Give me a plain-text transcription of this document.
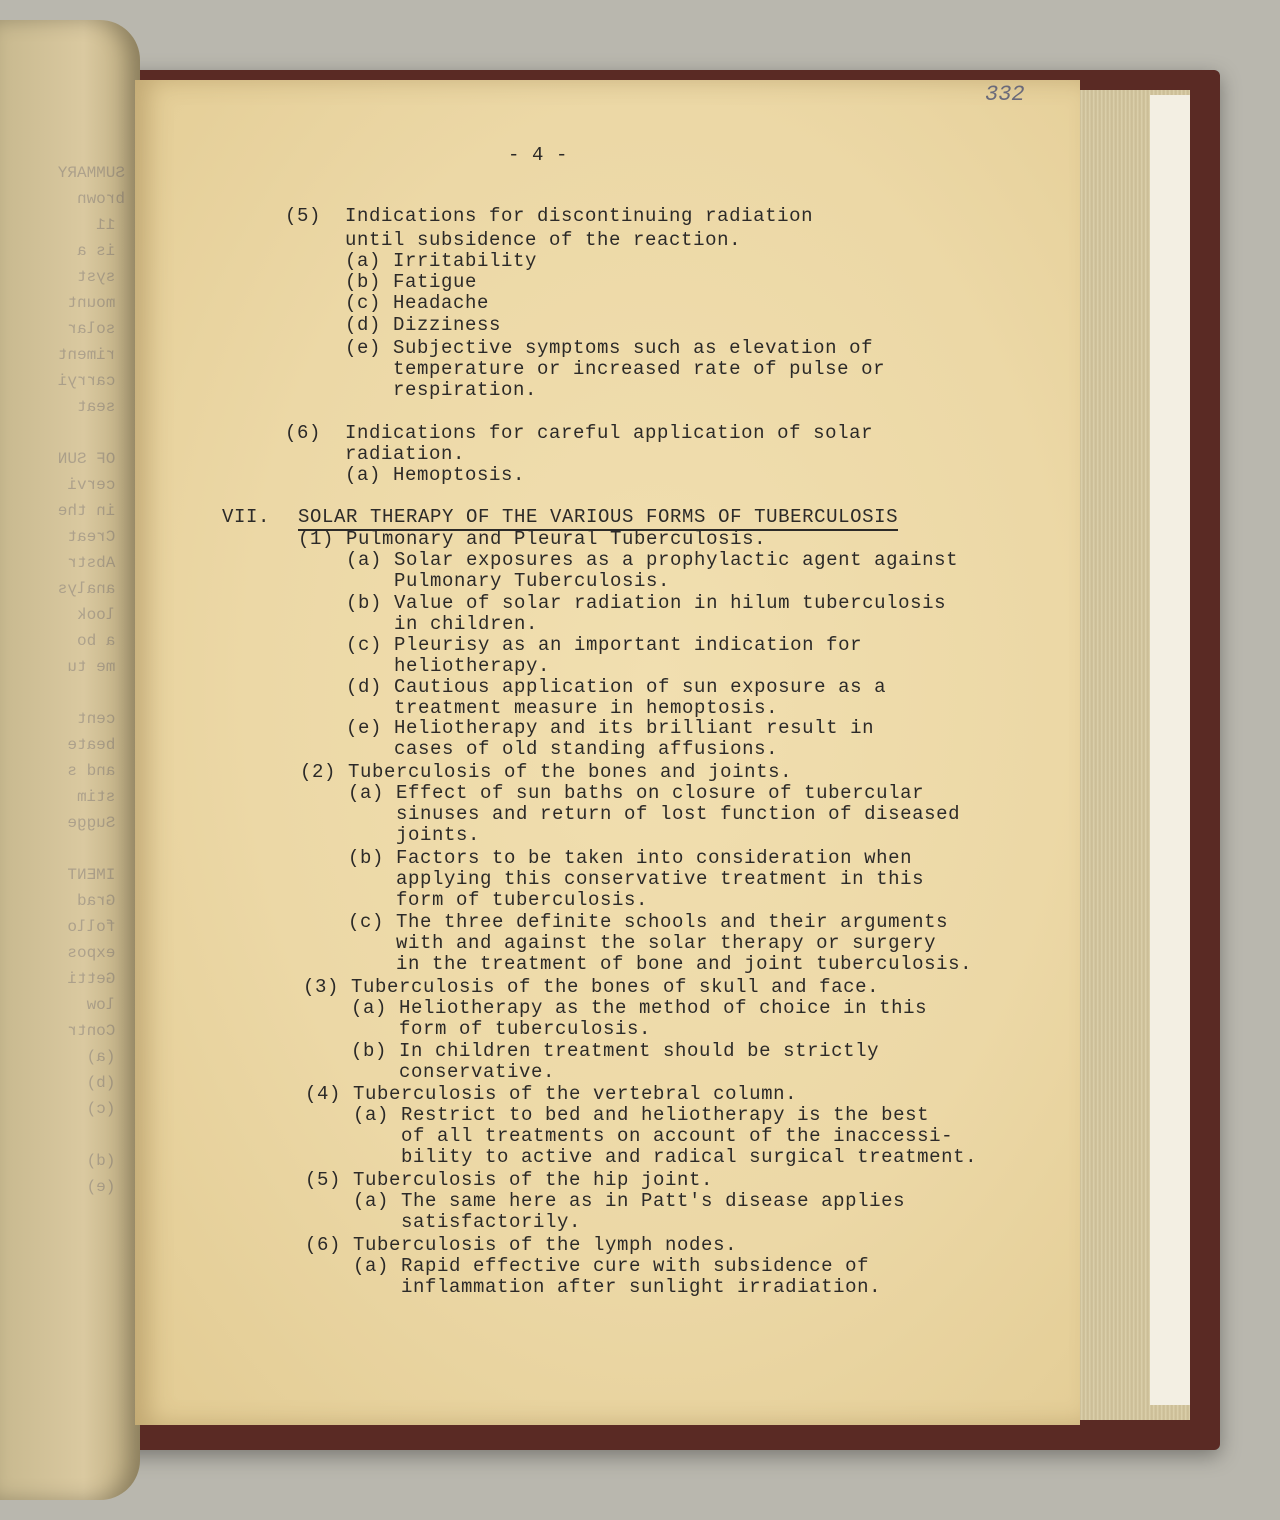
SUMMARY
brown
11
is a
syst
mount
solar
riment
carryi
seat

OF SUN
cervi
in the
Creat
Abstr
analys
look
a bo
me tu

cent
beate
and s
stim
Sugge

IMENT
Grad
follo
expos
Getti
low
Contr
(a)
(b)
(c)

(d)
(e)
332
- 4 -
(5)  Indications for discontinuing radiation
until subsidence of the reaction.
(a) Irritability
(b) Fatigue
(c) Headache
(d) Dizziness
(e) Subjective symptoms such as elevation of
temperature or increased rate of pulse or
respiration.
(6)  Indications for careful application of solar
radiation.
(a) Hemoptosis.
VII. SOLAR THERAPY OF THE VARIOUS FORMS OF TUBERCULOSIS
(1) Pulmonary and Pleural Tuberculosis.
(a) Solar exposures as a prophylactic agent against
Pulmonary Tuberculosis.
(b) Value of solar radiation in hilum tuberculosis
in children.
(c) Pleurisy as an important indication for
heliotherapy.
(d) Cautious application of sun exposure as a
treatment measure in hemoptosis.
(e) Heliotherapy and its brilliant result in
cases of old standing affusions.
(2) Tuberculosis of the bones and joints.
(a) Effect of sun baths on closure of tubercular
sinuses and return of lost function of diseased
joints.
(b) Factors to be taken into consideration when
applying this conservative treatment in this
form of tuberculosis.
(c) The three definite schools and their arguments
with and against the solar therapy or surgery
in the treatment of bone and joint tuberculosis.
(3) Tuberculosis of the bones of skull and face.
(a) Heliotherapy as the method of choice in this
form of tuberculosis.
(b) In children treatment should be strictly
conservative.
(4) Tuberculosis of the vertebral column.
(a) Restrict to bed and heliotherapy is the best
of all treatments on account of the inaccessi-
bility to active and radical surgical treatment.
(5) Tuberculosis of the hip joint.
(a) The same here as in Patt's disease applies
satisfactorily.
(6) Tuberculosis of the lymph nodes.
(a) Rapid effective cure with subsidence of
inflammation after sunlight irradiation.
